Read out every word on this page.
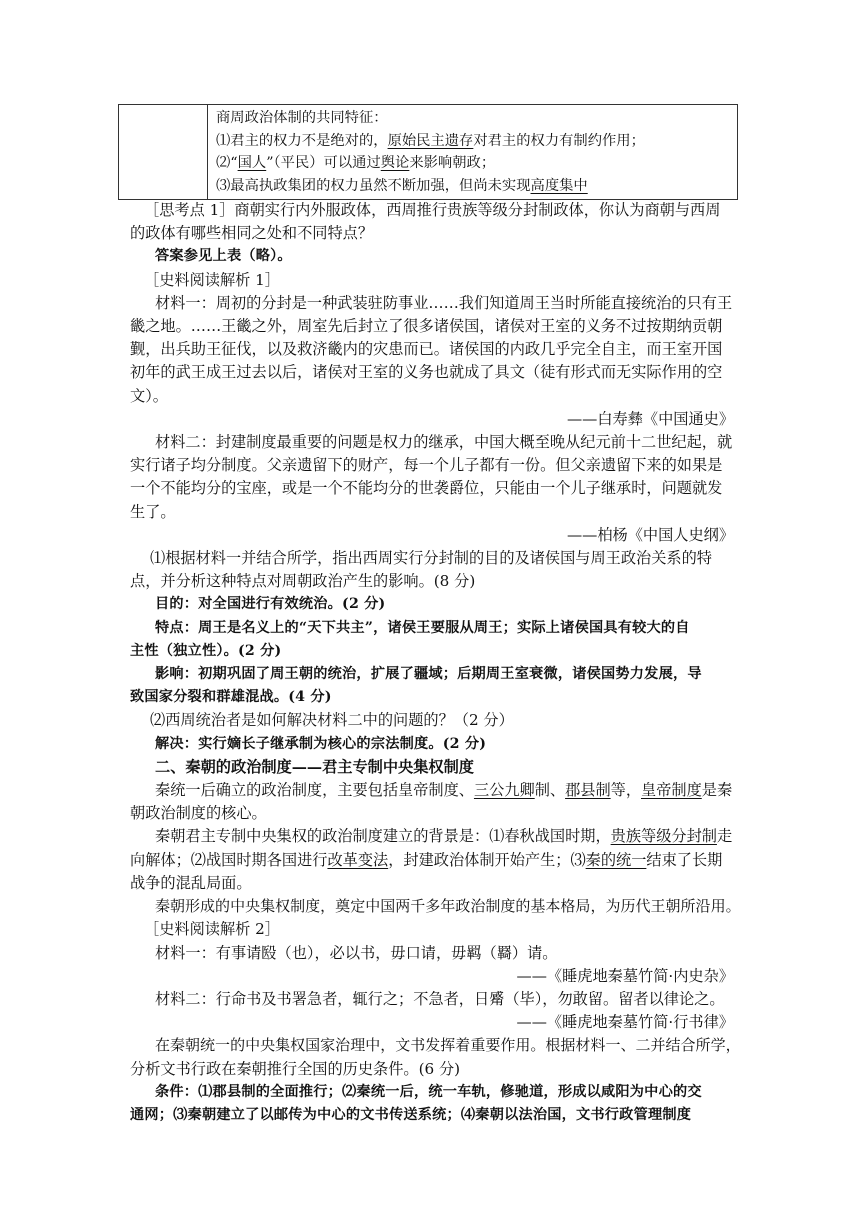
商周政治体制的共同特征：
⑴君主的权力不是绝对的，原始民主遗存对君主的权力有制约作用；
⑵“国人”（平民）可以通过舆论来影响朝政；
⑶最高执政集团的权力虽然不断加强，但尚未实现高度集中

［思考点 1］商朝实行内外服政体，西周推行贵族等级分封制政体，你认为商朝与西周

的政体有哪些相同之处和不同特点？

答案参见上表（略）。

［史料阅读解析 1］

材料一：周初的分封是一种武装驻防事业……我们知道周王当时所能直接统治的只有王

畿之地。……王畿之外，周室先后封立了很多诸侯国，诸侯对王室的义务不过按期纳贡朝

觐，出兵助王征伐，以及救济畿内的灾患而已。诸侯国的内政几乎完全自主，而王室开国

初年的武王成王过去以后，诸侯对王室的义务也就成了具文（徒有形式而无实际作用的空

文）。

——白寿彝《中国通史》

材料二：封建制度最重要的问题是权力的继承，中国大概至晚从纪元前十二世纪起，就

实行诸子均分制度。父亲遗留下的财产，每一个儿子都有一份。但父亲遗留下来的如果是

一个不能均分的宝座，或是一个不能均分的世袭爵位，只能由一个儿子继承时，问题就发

生了。

——柏杨《中国人史纲》

⑴根据材料一并结合所学，指出西周实行分封制的目的及诸侯国与周王政治关系的特

点，并分析这种特点对周朝政治产生的影响。(8 分)

目的：对全国进行有效统治。(2 分)

特点：周王是名义上的“天下共主”，诸侯王要服从周王；实际上诸侯国具有较大的自

主性（独立性）。(2 分)

影响：初期巩固了周王朝的统治，扩展了疆域；后期周王室衰微，诸侯国势力发展，导

致国家分裂和群雄混战。(4 分)

⑵西周统治者是如何解决材料二中的问题的？（2 分）

解决：实行嫡长子继承制为核心的宗法制度。(2 分)

二、秦朝的政治制度——君主专制中央集权制度

秦统一后确立的政治制度，主要包括皇帝制度、三公九卿制、郡县制等，皇帝制度是秦

朝政治制度的核心。

秦朝君主专制中央集权的政治制度建立的背景是：⑴春秋战国时期，贵族等级分封制走

向解体；⑵战国时期各国进行改革变法，封建政治体制开始产生；⑶秦的统一结束了长期

战争的混乱局面。

秦朝形成的中央集权制度，奠定中国两千多年政治制度的基本格局，为历代王朝所沿用。

［史料阅读解析 2］

材料一：有事请殹（也），必以书，毋口请，毋羁（羇）请。

——《睡虎地秦墓竹简·内史杂》

材料二：行命书及书署急者，辄行之；不急者，日觱（毕），勿敢留。留者以律论之。

——《睡虎地秦墓竹简·行书律》

在秦朝统一的中央集权国家治理中，文书发挥着重要作用。根据材料一、二并结合所学，

分析文书行政在秦朝推行全国的历史条件。(6 分)

条件：⑴郡县制的全面推行；⑵秦统一后，统一车轨，修驰道，形成以咸阳为中心的交

通网；⑶秦朝建立了以邮传为中心的文书传送系统；⑷秦朝以法治国，文书行政管理制度
